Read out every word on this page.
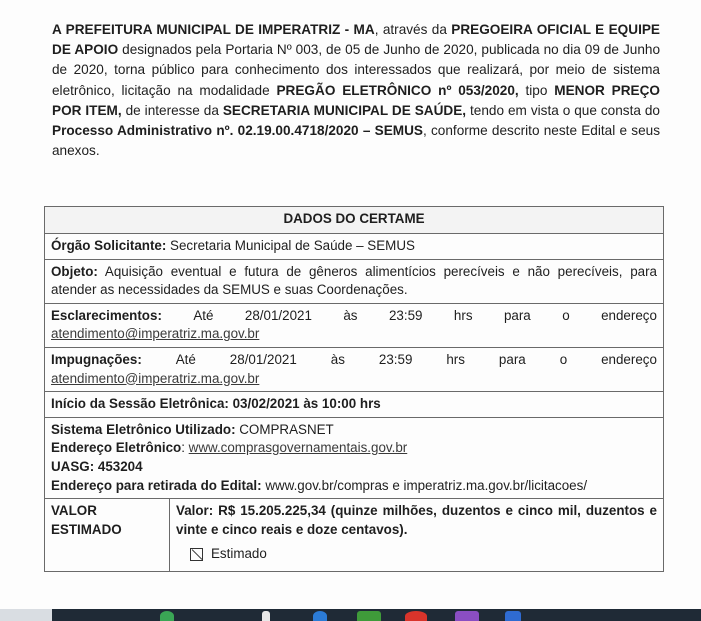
A PREFEITURA MUNICIPAL DE IMPERATRIZ - MA, através da PREGOEIRA OFICIAL E EQUIPE DE APOIO designados pela Portaria Nº 003, de 05 de Junho de 2020, publicada no dia 09 de Junho de 2020, torna público para conhecimento dos interessados que realizará, por meio de sistema eletrônico, licitação na modalidade PREGÃO ELETRÔNICO nº 053/2020, tipo MENOR PREÇO POR ITEM, de interesse da SECRETARIA MUNICIPAL DE SAÚDE, tendo em vista o que consta do Processo Administrativo nº. 02.19.00.4718/2020 – SEMUS, conforme descrito neste Edital e seus anexos.

DADOS DO CERTAME
Órgão Solicitante: Secretaria Municipal de Saúde – SEMUS
Objeto: Aquisição eventual e futura de gêneros alimentícios perecíveis e não perecíveis, para atender as necessidades da SEMUS e suas Coordenações.

Esclarecimentos: Até 28/01/2021 às 23:59 hrs para o endereço
atendimento@imperatriz.ma.gov.br

Impugnações:	Até	28/01/2021	às	23:59	hrs	para	o	endereço
atendimento@imperatriz.ma.gov.br
Início da Sessão Eletrônica: 03/02/2021 às 10:00 hrs

Sistema Eletrônico Utilizado: COMPRASNET
Endereço Eletrônico: www.comprasgovernamentais.gov.br
UASG: 453204
Endereço para retirada do Edital: www.gov.br/compras e imperatriz.ma.gov.br/licitacoes/

VALOR ESTIMADO	
Valor: R$ 15.205.225,34 (quinze milhões, duzentos e cinco mil, duzentos e vinte e cinco reais e doze centavos).
Estimado
